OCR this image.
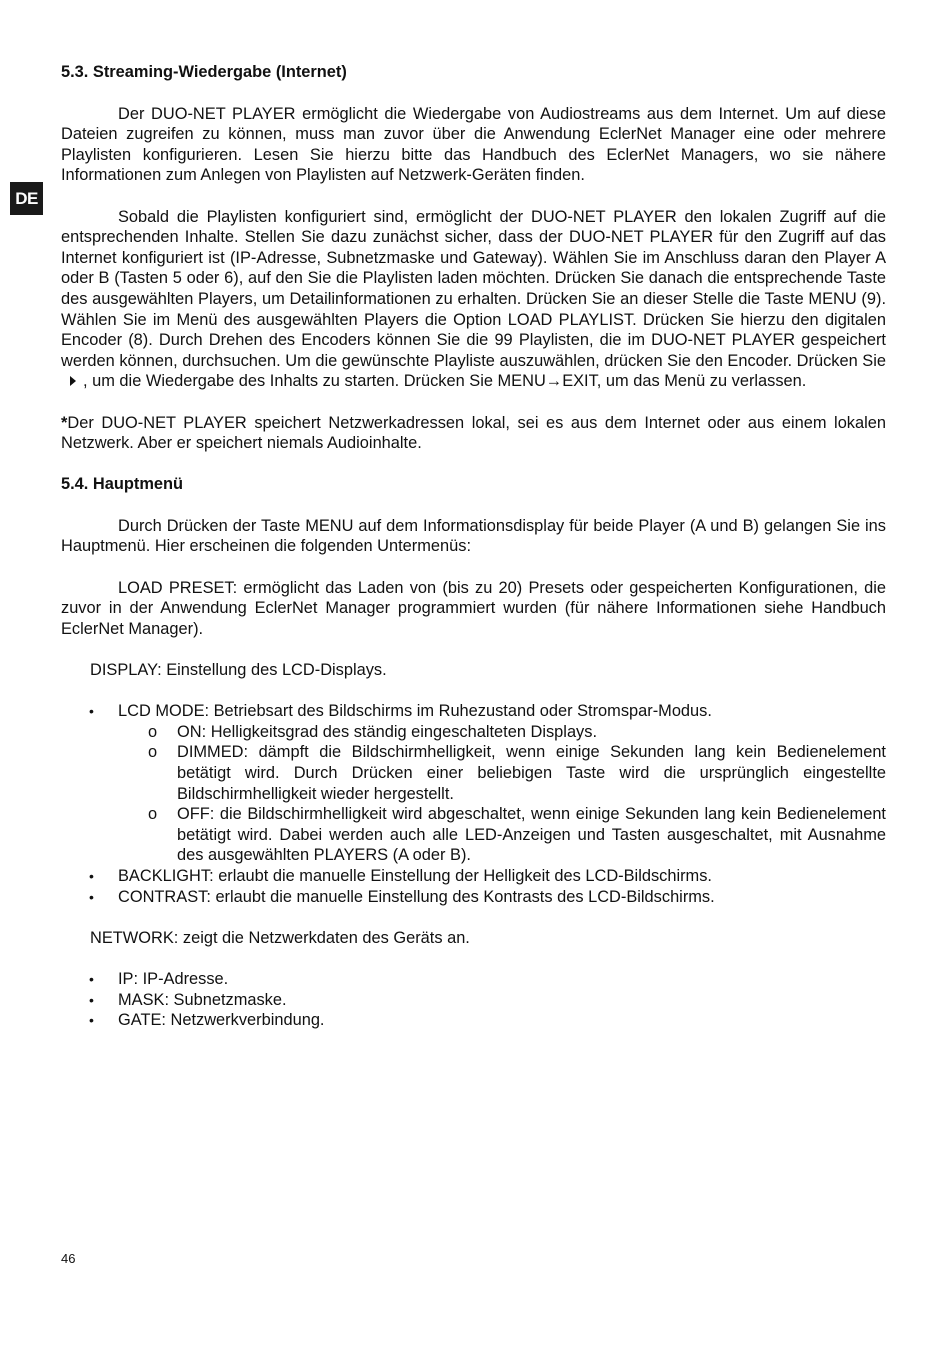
DE
5.3. Streaming-Wiedergabe (Internet)

Der DUO-NET PLAYER ermöglicht die Wiedergabe von Audiostreams aus dem Internet. Um auf diese Dateien zugreifen zu können, muss man zuvor über die Anwendung EclerNet Manager eine oder mehrere Playlisten konfigurieren. Lesen Sie hierzu bitte das Handbuch des EclerNet Managers, wo sie nähere Informationen zum Anlegen von Playlisten auf Netzwerk-Geräten finden.

Sobald die Playlisten konfiguriert sind, ermöglicht der DUO-NET PLAYER den lokalen Zugriff auf die entsprechenden Inhalte. Stellen Sie dazu zunächst sicher, dass der DUO-NET PLAYER für den Zugriff auf das Internet konfiguriert ist (IP-Adresse, Subnetzmaske und Gateway). Wählen Sie im Anschluss daran den Player A oder B (Tasten 5 oder 6), auf den Sie die Playlisten laden möchten. Drücken Sie danach die entsprechende Taste des ausgewählten Players, um Detailinformationen zu erhalten. Drücken Sie an dieser Stelle die Taste MENU (9). Wählen Sie im Menü des ausgewählten Players die Option LOAD PLAYLIST. Drücken Sie hierzu den digitalen Encoder (8). Durch Drehen des Encoders können Sie die 99 Playlisten, die im DUO-NET PLAYER gespeichert werden können, durchsuchen. Um die gewünschte Playliste auszuwählen, drücken Sie den Encoder. Drücken Sie, um die Wiedergabe des Inhalts zu starten. Drücken Sie MENU→EXIT, um das Menü zu verlassen.

*Der DUO-NET PLAYER speichert Netzwerkadressen lokal, sei es aus dem Internet oder aus einem lokalen Netzwerk. Aber er speichert niemals Audioinhalte.

5.4. Hauptmenü

Durch Drücken der Taste MENU auf dem Informationsdisplay für beide Player (A und B) gelangen Sie ins Hauptmenü. Hier erscheinen die folgenden Untermenüs:

LOAD PRESET: ermöglicht das Laden von (bis zu 20) Presets oder gespeicherten Konfigurationen, die zuvor in der Anwendung EclerNet Manager programmiert wurden (für nähere Informationen siehe Handbuch EclerNet Manager).

DISPLAY: Einstellung des LCD-Displays.

• LCD MODE: Betriebsart des Bildschirms im Ruhezustand oder Stromspar-Modus.
o ON: Helligkeitsgrad des ständig eingeschalteten Displays.
o DIMMED: dämpft die Bildschirmhelligkeit, wenn einige Sekunden lang kein Bedienelement betätigt wird. Durch Drücken einer beliebigen Taste wird die ursprünglich eingestellte Bildschirmhelligkeit wieder hergestellt.
o OFF: die Bildschirmhelligkeit wird abgeschaltet, wenn einige Sekunden lang kein Bedienelement betätigt wird. Dabei werden auch alle LED-Anzeigen und Tasten ausgeschaltet, mit Ausnahme des ausgewählten PLAYERS (A oder B).
• BACKLIGHT: erlaubt die manuelle Einstellung der Helligkeit des LCD-Bildschirms.
• CONTRAST: erlaubt die manuelle Einstellung des Kontrasts des LCD-Bildschirms.

NETWORK: zeigt die Netzwerkdaten des Geräts an.

• IP: IP-Adresse.
• MASK: Subnetzmaske.
• GATE: Netzwerkverbindung.
46
